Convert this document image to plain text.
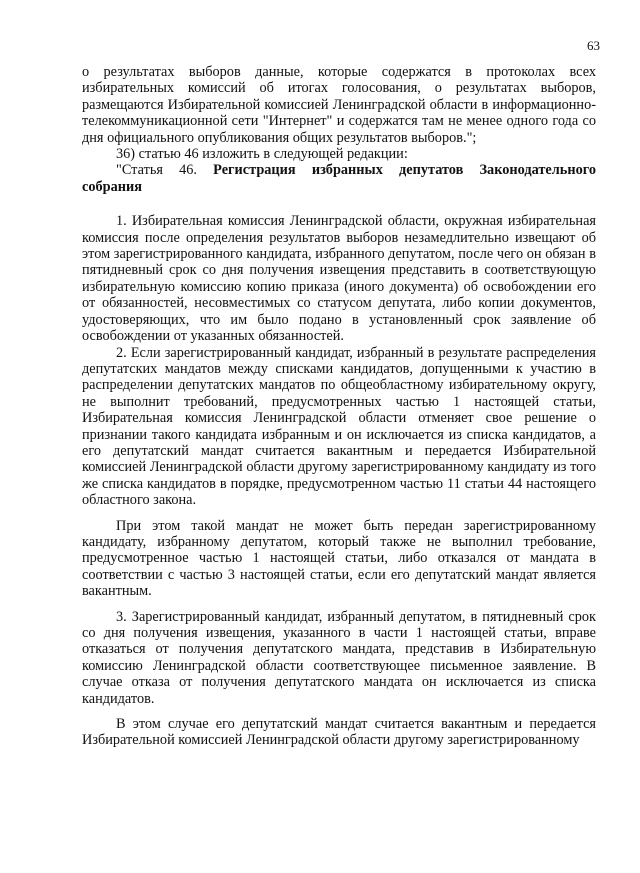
63

о результатах выборов данные, которые содержатся в протоколах всех избирательных комиссий об итогах голосования, о результатах выборов, размещаются Избирательной комиссией Ленинградской области в информационно-телекоммуникационной сети "Интернет" и содержатся там не менее одного года со дня официального опубликования общих результатов выборов.";

36) статью 46 изложить в следующей редакции:

"Статья 46. Регистрация избранных депутатов Законодательного собрания

1. Избирательная комиссия Ленинградской области, окружная избирательная комиссия после определения результатов выборов незамедлительно извещают об этом зарегистрированного кандидата, избранного депутатом, после чего он обязан в пятидневный срок со дня получения извещения представить в соответствующую избирательную комиссию копию приказа (иного документа) об освобождении его от обязанностей, несовместимых со статусом депутата, либо копии документов, удостоверяющих, что им было подано в установленный срок заявление об освобождении от указанных обязанностей.

2. Если зарегистрированный кандидат, избранный в результате распределения депутатских мандатов между списками кандидатов, допущенными к участию в распределении депутатских мандатов по общеобластному избирательному округу, не выполнит требований, предусмотренных частью 1 настоящей статьи, Избирательная комиссия Ленинградской области отменяет свое решение о признании такого кандидата избранным и он исключается из списка кандидатов, а его депутатский мандат считается вакантным и передается Избирательной комиссией Ленинградской области другому зарегистрированному кандидату из того же списка кандидатов в порядке, предусмотренном частью 11 статьи 44 настоящего областного закона.

При этом такой мандат не может быть передан зарегистрированному кандидату, избранному депутатом, который также не выполнил требование, предусмотренное частью 1 настоящей статьи, либо отказался от мандата в соответствии с частью 3 настоящей статьи, если его депутатский мандат является вакантным.

3. Зарегистрированный кандидат, избранный депутатом, в пятидневный срок со дня получения извещения, указанного в части 1 настоящей статьи, вправе отказаться от получения депутатского мандата, представив в Избирательную комиссию Ленинградской области соответствующее письменное заявление. В случае отказа от получения депутатского мандата он исключается из списка кандидатов.

В этом случае его депутатский мандат считается вакантным и передается Избирательной комиссией Ленинградской области другому зарегистрированному
